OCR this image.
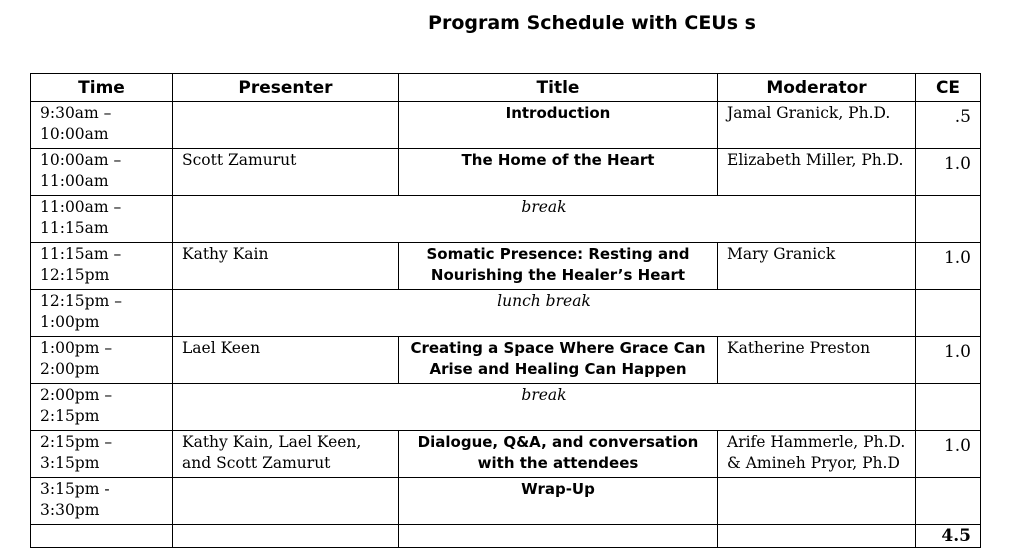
Program Schedule with CEUs s
Time	Presenter	Title	Moderator	CE
9:30am –
10:00am		Introduction	Jamal Granick, Ph.D.	.5
10:00am –
11:00am	Scott Zamurut	The Home of the Heart	Elizabeth Miller, Ph.D.	1.0
11:00am –
11:15am	break			
11:15am –
12:15pm	Kathy Kain	Somatic Presence: Resting and
Nourishing the Healer’s Heart	Mary Granick	1.0
12:15pm –
1:00pm	lunch break			
1:00pm –
2:00pm	Lael Keen	Creating a Space Where Grace Can
Arise and Healing Can Happen	Katherine Preston	1.0
2:00pm –
2:15pm	break			
2:15pm –
3:15pm	Kathy Kain, Lael Keen,
and Scott Zamurut	Dialogue, Q&A, and conversation
with the attendees	Arife Hammerle, Ph.D.
& Amineh Pryor, Ph.D	1.0
3:15pm -
3:30pm		Wrap-Up

				4.5
